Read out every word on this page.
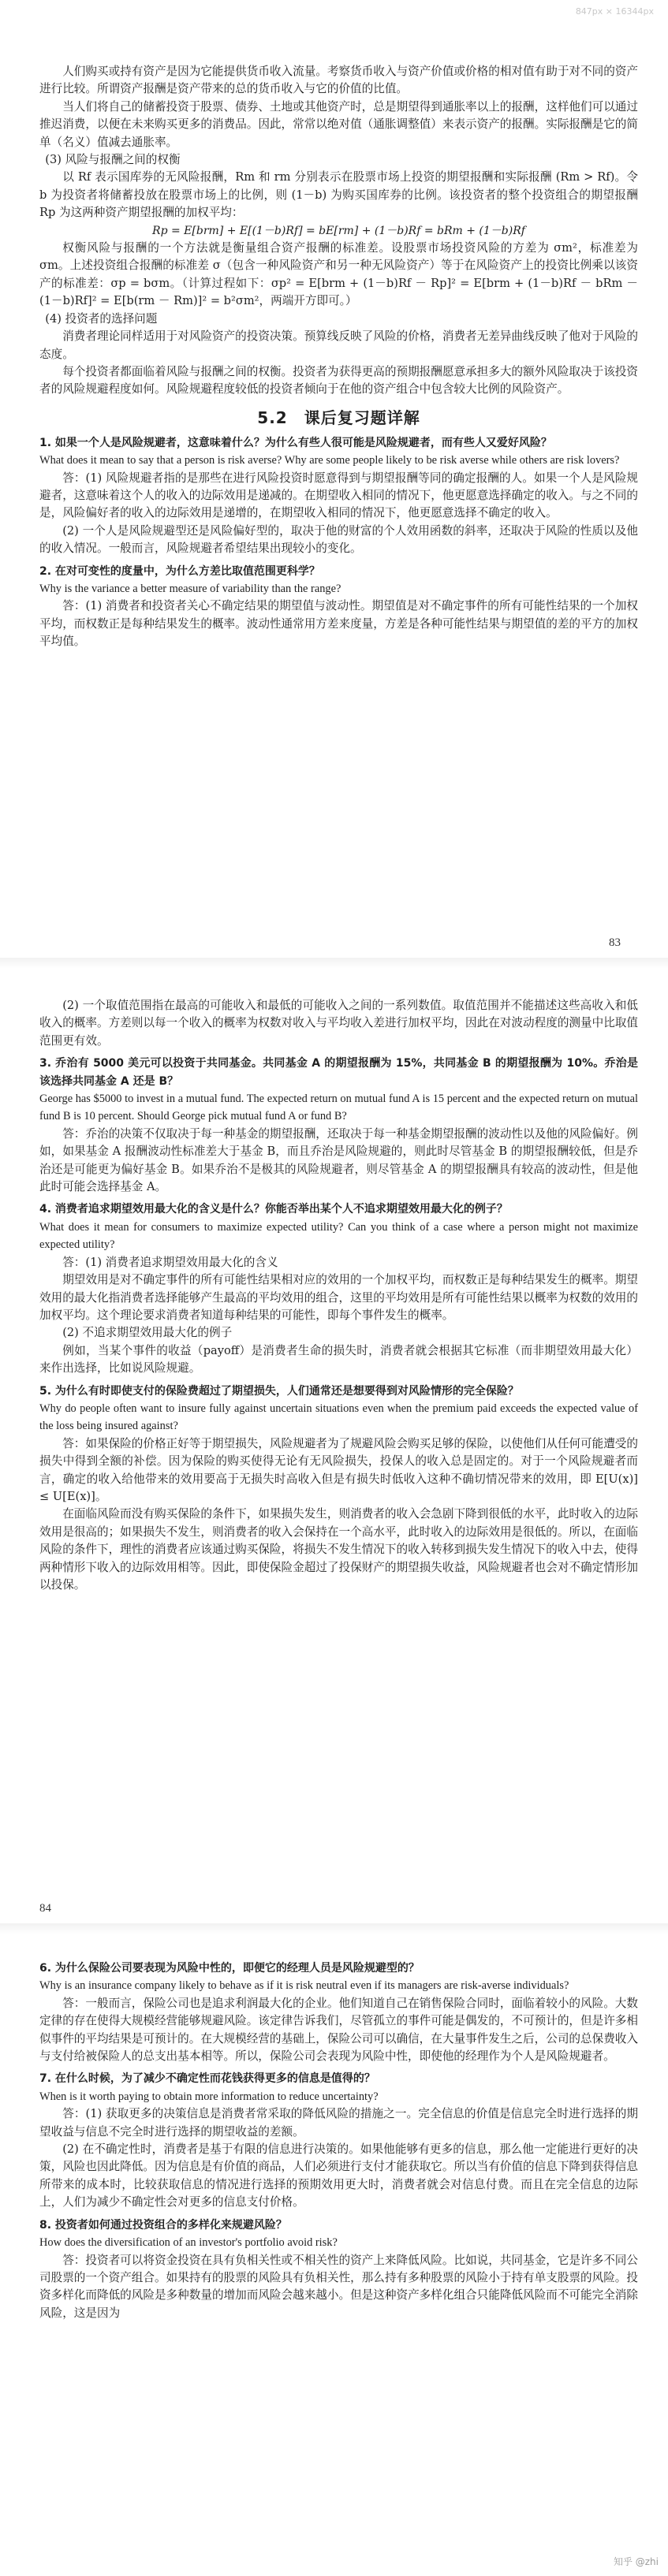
847px × 16344px

人们购买或持有资产是因为它能提供货币收入流量。考察货币收入与资产价值或价格的相对值有助于对不同的资产进行比较。所谓资产报酬是资产带来的总的货币收入与它的价值的比值。

当人们将自己的储蓄投资于股票、债券、土地或其他资产时，总是期望得到通胀率以上的报酬，这样他们可以通过推迟消费，以便在未来购买更多的消费品。因此，常常以绝对值（通胀调整值）来表示资产的报酬。实际报酬是它的简单（名义）值减去通胀率。

(3) 风险与报酬之间的权衡

以 Rf 表示国库券的无风险报酬，Rm 和 rm 分别表示在股票市场上投资的期望报酬和实际报酬 (Rm > Rf)。令 b 为投资者将储蓄投放在股票市场上的比例，则 (1－b) 为购买国库券的比例。该投资者的整个投资组合的期望报酬 Rp 为这两种资产期望报酬的加权平均：

Rp = E[brm] + E[(1－b)Rf] = bE[rm] + (1－b)Rf = bRm + (1－b)Rf

权衡风险与报酬的一个方法就是衡量组合资产报酬的标准差。设股票市场投资风险的方差为 σm²，标准差为 σm。上述投资组合报酬的标准差 σ（包含一种风险资产和另一种无风险资产）等于在风险资产上的投资比例乘以该资产的标准差：σp = bσm。（计算过程如下：σp² = E[brm + (1－b)Rf － Rp]² = E[brm + (1－b)Rf － bRm － (1－b)Rf]² = E[b(rm － Rm)]² = b²σm²，两端开方即可。）

(4) 投资者的选择问题

消费者理论同样适用于对风险资产的投资决策。预算线反映了风险的价格，消费者无差异曲线反映了他对于风险的态度。

每个投资者都面临着风险与报酬之间的权衡。投资者为获得更高的预期报酬愿意承担多大的额外风险取决于该投资者的风险规避程度如何。风险规避程度较低的投资者倾向于在他的资产组合中包含较大比例的风险资产。

5.2　课后复习题详解

1. 如果一个人是风险规避者，这意味着什么？为什么有些人很可能是风险规避者，而有些人又爱好风险？

What does it mean to say that a person is risk averse? Why are some people likely to be risk averse while others are risk lovers?

答：(1) 风险规避者指的是那些在进行风险投资时愿意得到与期望报酬等同的确定报酬的人。如果一个人是风险规避者，这意味着这个人的收入的边际效用是递减的。在期望收入相同的情况下，他更愿意选择确定的收入。与之不同的是，风险偏好者的收入的边际效用是递增的，在期望收入相同的情况下，他更愿意选择不确定的收入。

(2) 一个人是风险规避型还是风险偏好型的，取决于他的财富的个人效用函数的斜率，还取决于风险的性质以及他的收入情况。一般而言，风险规避者希望结果出现较小的变化。

2. 在对可变性的度量中，为什么方差比取值范围更科学？

Why is the variance a better measure of variability than the range?

答：(1) 消费者和投资者关心不确定结果的期望值与波动性。期望值是对不确定事件的所有可能性结果的一个加权平均，而权数正是每种结果发生的概率。波动性通常用方差来度量，方差是各种可能性结果与期望值的差的平方的加权平均值。

83

(2) 一个取值范围指在最高的可能收入和最低的可能收入之间的一系列数值。取值范围并不能描述这些高收入和低收入的概率。方差则以每一个收入的概率为权数对收入与平均收入差进行加权平均，因此在对波动程度的测量中比取值范围更有效。

3. 乔治有 5000 美元可以投资于共同基金。共同基金 A 的期望报酬为 15%，共同基金 B 的期望报酬为 10%。乔治是该选择共同基金 A 还是 B？

George has $5000 to invest in a mutual fund. The expected return on mutual fund A is 15 percent and the expected return on mutual fund B is 10 percent. Should George pick mutual fund A or fund B?

答：乔治的决策不仅取决于每一种基金的期望报酬，还取决于每一种基金期望报酬的波动性以及他的风险偏好。例如，如果基金 A 报酬波动性标准差大于基金 B，而且乔治是风险规避的，则此时尽管基金 B 的期望报酬较低，但是乔治还是可能更为偏好基金 B。如果乔治不是极其的风险规避者，则尽管基金 A 的期望报酬具有较高的波动性，但是他此时可能会选择基金 A。

4. 消费者追求期望效用最大化的含义是什么？你能否举出某个人不追求期望效用最大化的例子？

What does it mean for consumers to maximize expected utility? Can you think of a case where a person might not maximize expected utility?

答：(1) 消费者追求期望效用最大化的含义

期望效用是对不确定事件的所有可能性结果相对应的效用的一个加权平均，而权数正是每种结果发生的概率。期望效用的最大化指消费者选择能够产生最高的平均效用的组合，这里的平均效用是所有可能性结果以概率为权数的效用的加权平均。这个理论要求消费者知道每种结果的可能性，即每个事件发生的概率。

(2) 不追求期望效用最大化的例子

例如，当某个事件的收益（payoff）是消费者生命的损失时，消费者就会根据其它标准（而非期望效用最大化）来作出选择，比如说风险规避。

5. 为什么有时即使支付的保险费超过了期望损失，人们通常还是想要得到对风险情形的完全保险？

Why do people often want to insure fully against uncertain situations even when the premium paid exceeds the expected value of the loss being insured against?

答：如果保险的价格正好等于期望损失，风险规避者为了规避风险会购买足够的保险，以使他们从任何可能遭受的损失中得到全额的补偿。因为保险的购买使得无论有无风险损失，投保人的收入总是固定的。对于一个风险规避者而言，确定的收入给他带来的效用要高于无损失时高收入但是有损失时低收入这种不确切情况带来的效用，即 E[U(x)] ≤ U[E(x)]。

在面临风险而没有购买保险的条件下，如果损失发生，则消费者的收入会急剧下降到很低的水平，此时收入的边际效用是很高的；如果损失不发生，则消费者的收入会保持在一个高水平，此时收入的边际效用是很低的。所以，在面临风险的条件下，理性的消费者应该通过购买保险，将损失不发生情况下的收入转移到损失发生情况下的收入中去，使得两种情形下收入的边际效用相等。因此，即使保险金超过了投保财产的期望损失收益，风险规避者也会对不确定情形加以投保。

84

6. 为什么保险公司要表现为风险中性的，即便它的经理人员是风险规避型的？

Why is an insurance company likely to behave as if it is risk neutral even if its managers are risk-averse individuals?

答：一般而言，保险公司也是追求利润最大化的企业。他们知道自己在销售保险合同时，面临着较小的风险。大数定律的存在使得大规模经营能够规避风险。该定律告诉我们，尽管孤立的事件可能是偶发的，不可预计的，但是许多相似事件的平均结果是可预计的。在大规模经营的基础上，保险公司可以确信，在大量事件发生之后，公司的总保费收入与支付给被保险人的总支出基本相等。所以，保险公司会表现为风险中性，即使他的经理作为个人是风险规避者。

7. 在什么时候，为了减少不确定性而花钱获得更多的信息是值得的？

When is it worth paying to obtain more information to reduce uncertainty?

答：(1) 获取更多的决策信息是消费者常采取的降低风险的措施之一。完全信息的价值是信息完全时进行选择的期望收益与信息不完全时进行选择的期望收益的差额。

(2) 在不确定性时，消费者是基于有限的信息进行决策的。如果他能够有更多的信息，那么他一定能进行更好的决策，风险也因此降低。因为信息是有价值的商品，人们必须进行支付才能获取它。所以当有价值的信息下降到获得信息所带来的成本时，比较获取信息的情况进行选择的预期效用更大时，消费者就会对信息付费。而且在完全信息的边际上，人们为减少不确定性会对更多的信息支付价格。

8. 投资者如何通过投资组合的多样化来规避风险？

How does the diversification of an investor's portfolio avoid risk?

答：投资者可以将资金投资在具有负相关性或不相关性的资产上来降低风险。比如说，共同基金，它是许多不同公司股票的一个资产组合。如果持有的股票的风险具有负相关性，那么持有多种股票的风险小于持有单支股票的风险。投资多样化而降低的风险是多种数量的增加而风险会越来越小。但是这种资产多样化组合只能降低风险而不可能完全消除风险，这是因为

知乎 @zhi
